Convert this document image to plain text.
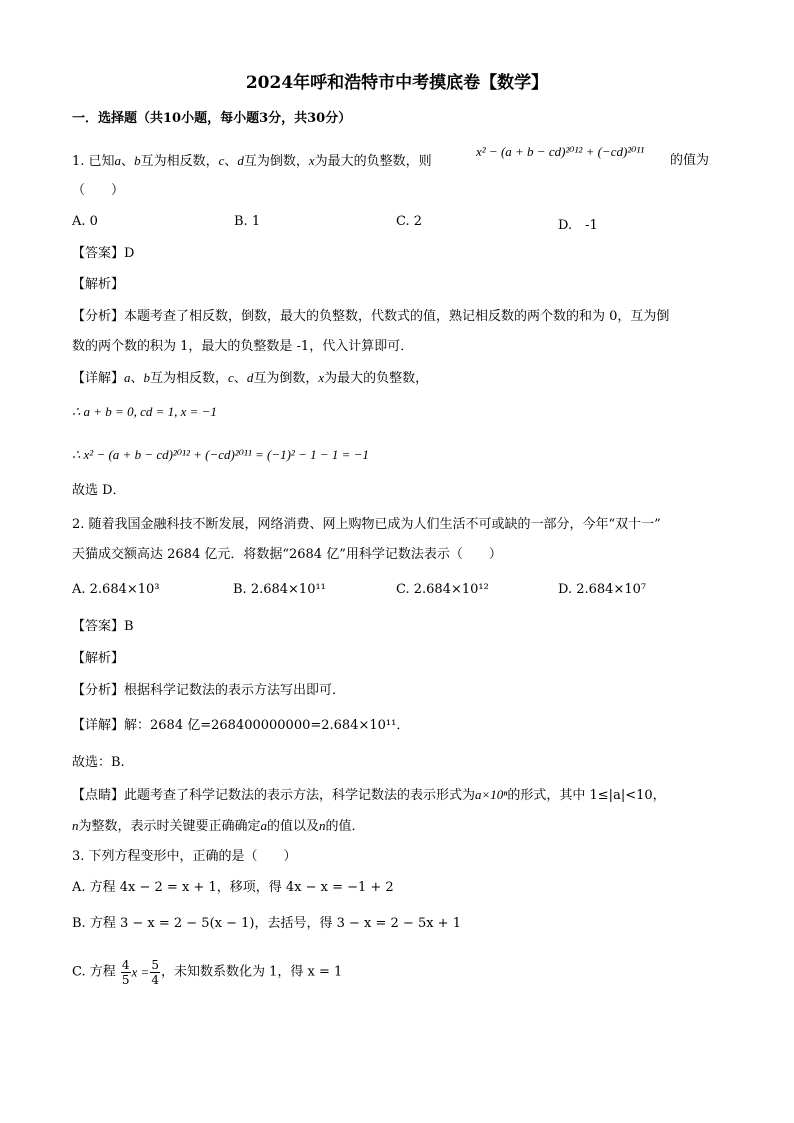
2024年呼和浩特市中考摸底卷【数学】
一．选择题（共10小题，每小题3分，共30分）
1. 已知a、b互为相反数，c、d互为倒数，x为最大的负整数，则
x² − (a + b − cd)²⁰¹² + (−cd)²⁰¹¹
的值为
（　　）
A. 0	B. 1	C. 2	D.　-1
【答案】D
【解析】
【分析】本题考查了相反数，倒数，最大的负整数，代数式的值，熟记相反数的两个数的和为 0，互为倒
数的两个数的积为 1，最大的负整数是 -1，代入计算即可．
【详解】a、b互为相反数，c、d互为倒数，x为最大的负整数，
∴ a + b = 0, cd = 1, x = −1
∴ x² − (a + b − cd)²⁰¹² + (−cd)²⁰¹¹ = (−1)² − 1 − 1 = −1
故选 D．
2. 随着我国金融科技不断发展，网络消费、网上购物已成为人们生活不可或缺的一部分，今年“双十一”
天猫成交额高达 2684 亿元．将数据“2684 亿”用科学记数法表示（　　）
A. 2.684×10³	B. 2.684×10¹¹	C. 2.684×10¹²	D. 2.684×10⁷
【答案】B
【解析】
【分析】根据科学记数法的表示方法写出即可．
【详解】解：2684 亿=268400000000=2.684×10¹¹．
故选：B.
【点睛】此题考查了科学记数法的表示方法，科学记数法的表示形式为a×10ⁿ的形式，其中 1≤|a|<10，
n为整数，表示时关键要正确确定a的值以及n的值．
3. 下列方程变形中，正确的是（　　）
A. 方程 4x − 2 = x + 1，移项，得 4x − x = −1 + 2
B. 方程 3 − x = 2 − 5(x − 1)，去括号，得 3 − x = 2 − 5x + 1
C. 方程 $\frac{4}{5}$ $x = \frac{5}{4}$ ，未知数系数化为 1，得 x = 1
